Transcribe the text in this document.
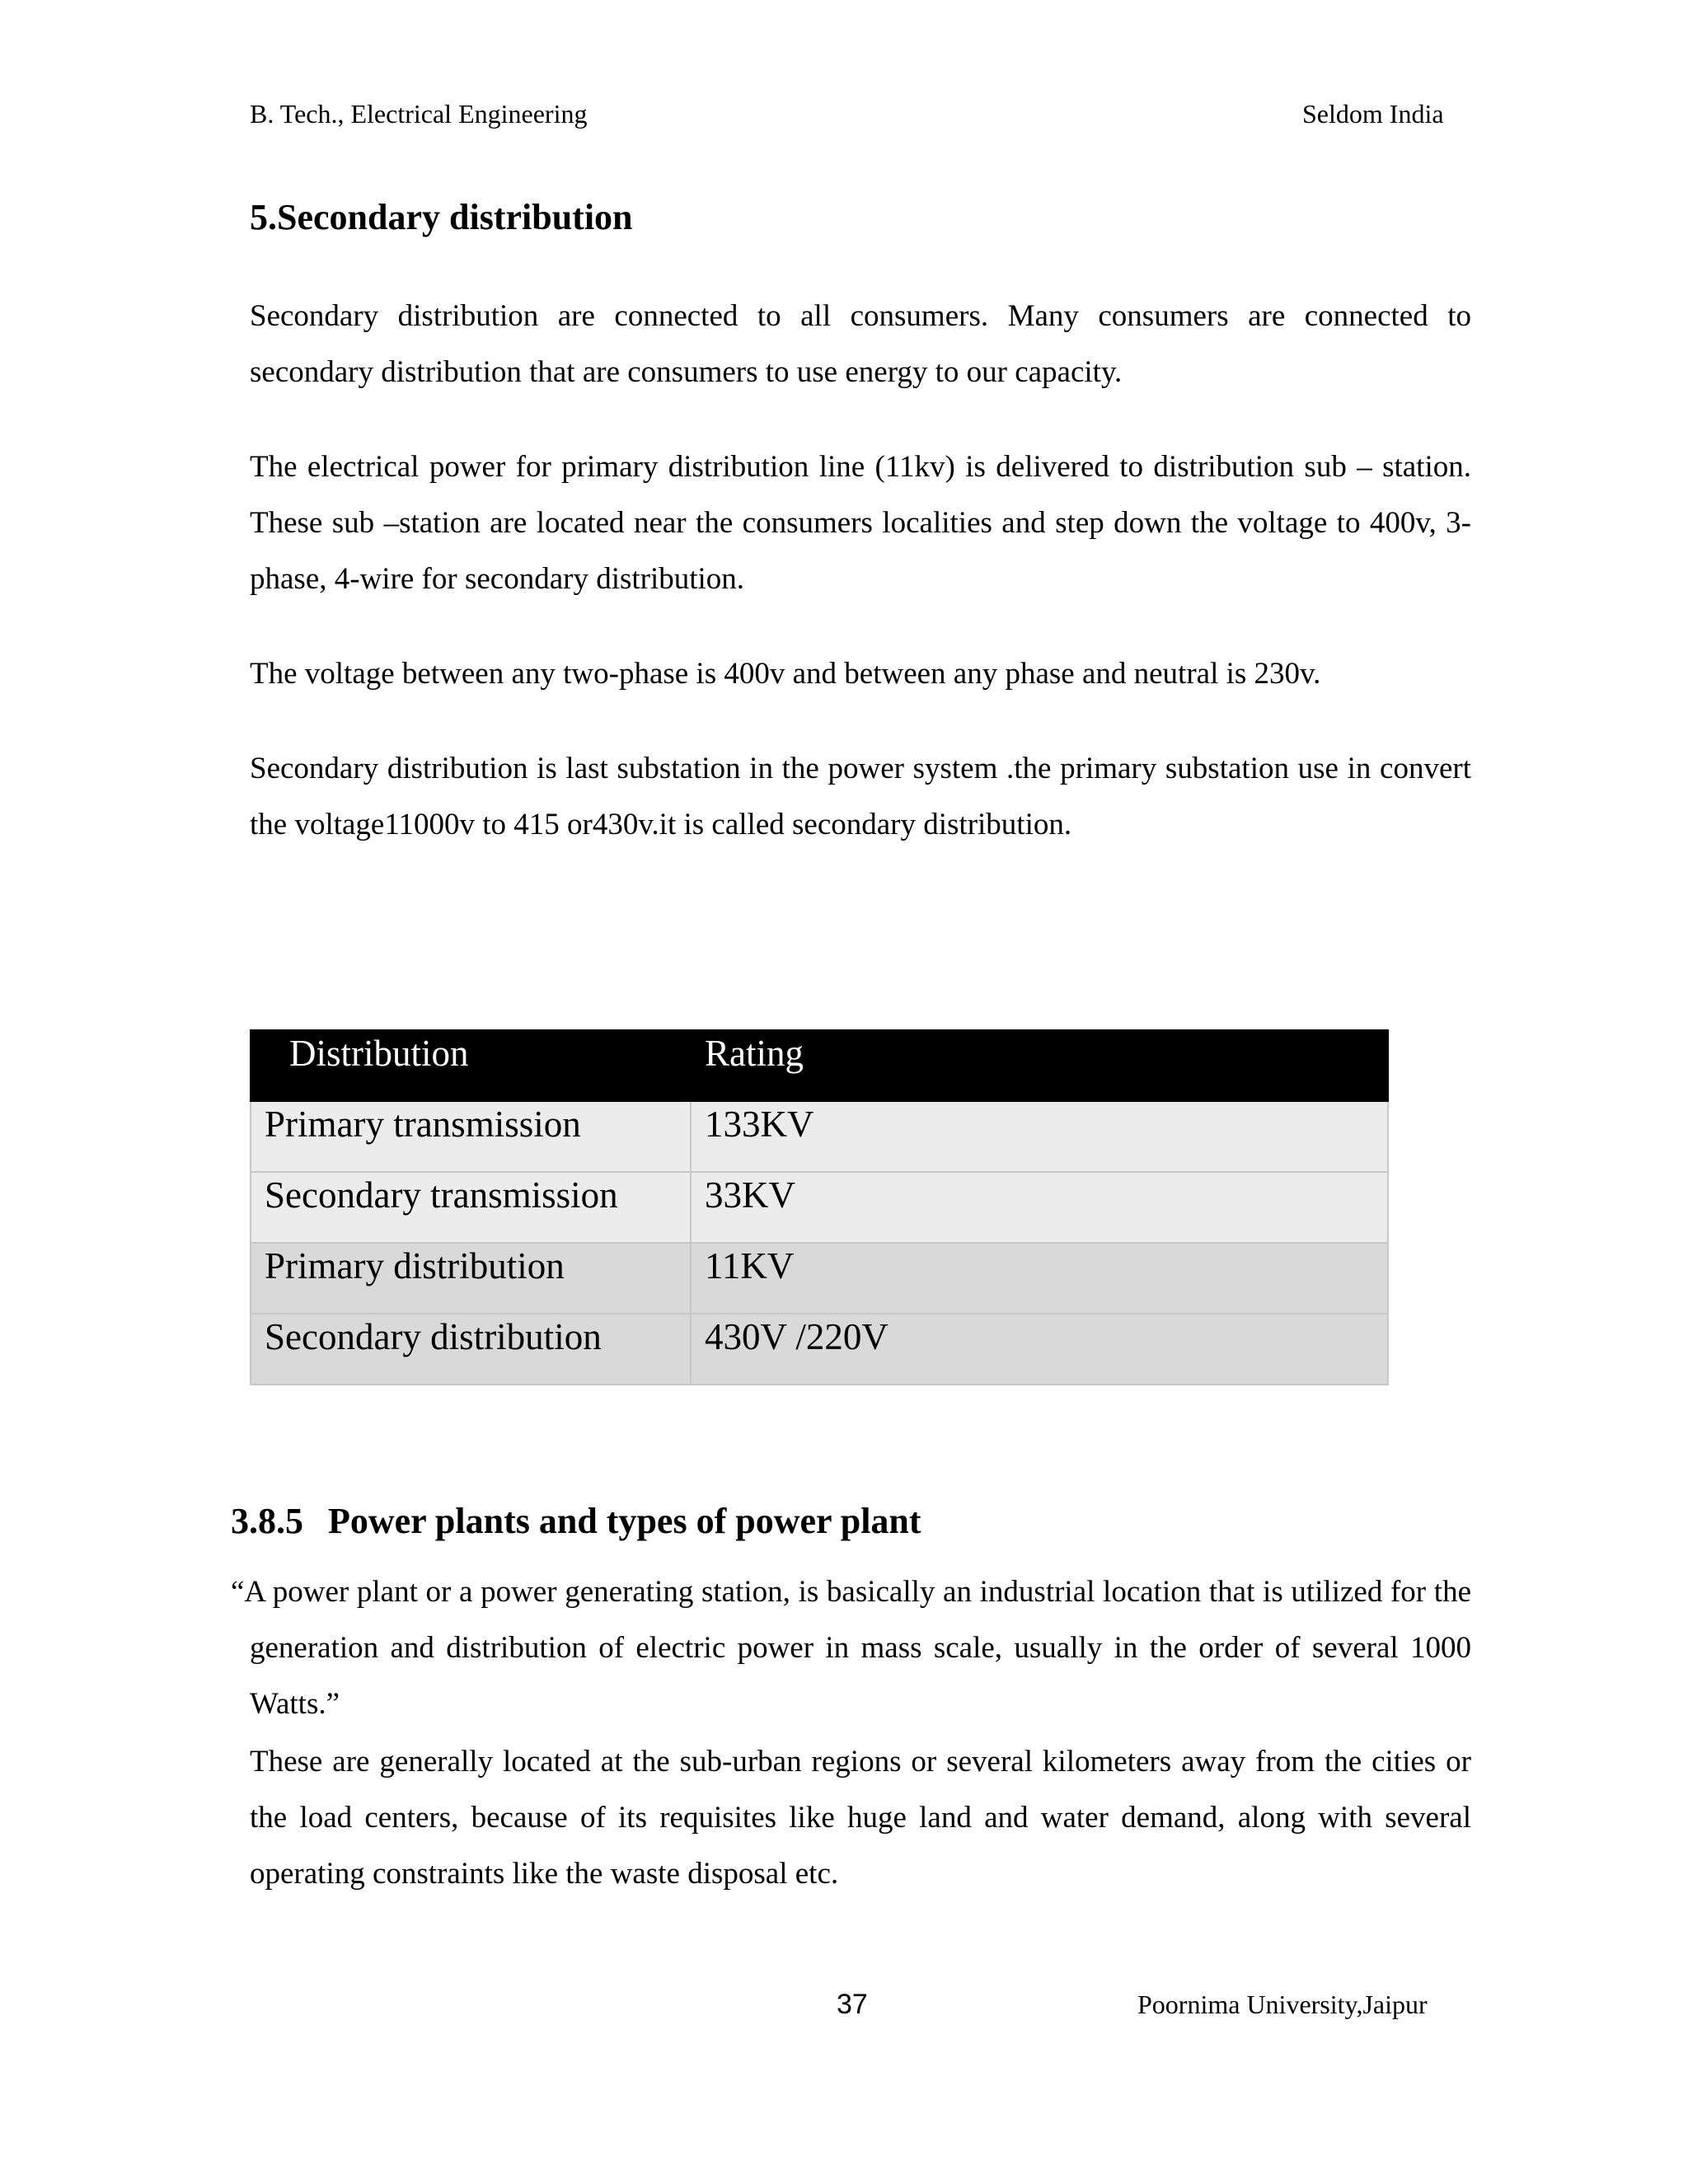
B. Tech., Electrical Engineering	Seldom India
5.Secondary distribution

Secondary distribution are connected to all consumers. Many consumers are connected to secondary distribution that are consumers to use energy to our capacity.

The electrical power for primary distribution line (11kv) is delivered to distribution sub – station. These sub –station are located near the consumers localities and step down the voltage to 400v, 3-phase, 4-wire for secondary distribution.

The voltage between any two-phase is 400v and between any phase and neutral is 230v.

Secondary distribution is last substation in the power system .the primary substation use in convert the voltage11000v to 415 or430v.it is called secondary distribution.

Distribution	Rating
Primary transmission	133KV
Secondary transmission	33KV
Primary distribution	11KV
Secondary distribution	430V /220V
3.8.5 Power plants and types of power plant

“A power plant or a power generating station, is basically an industrial location that is utilized for the generation and distribution of electric power in mass scale, usually in the order of several 1000 Watts.”

These are generally located at the sub-urban regions or several kilometers away from the cities or the load centers, because of its requisites like huge land and water demand, along with several operating constraints like the waste disposal etc.

37	Poornima University,Jaipur
